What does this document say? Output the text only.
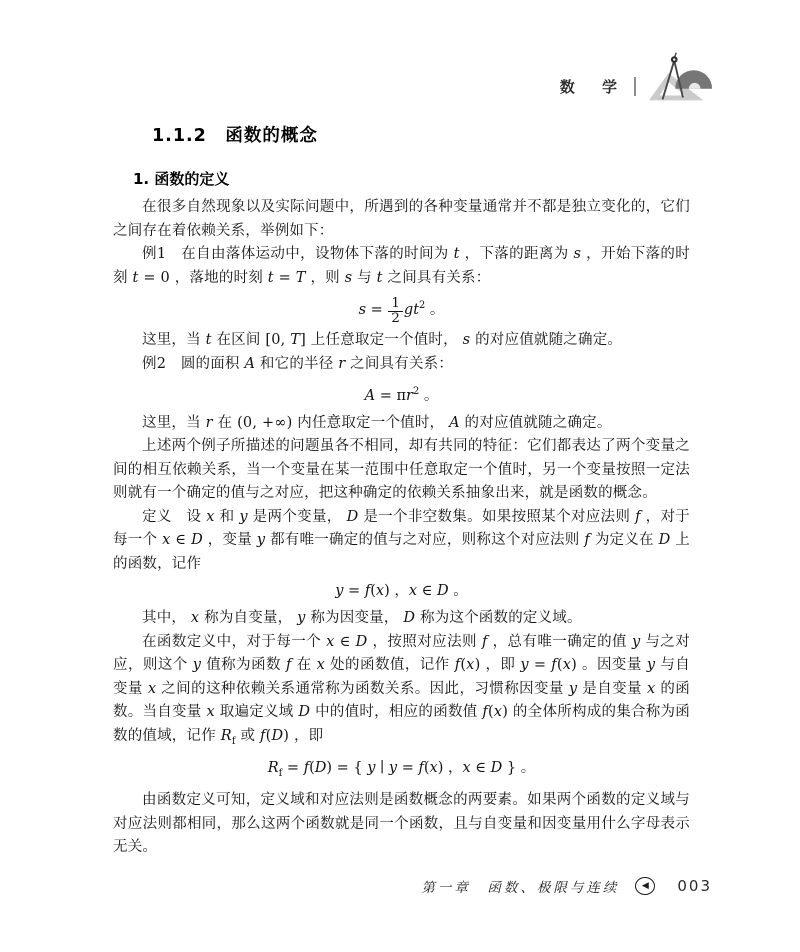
数 学
1.1.2　函数的概念
1. 函数的定义

在很多自然现象以及实际问题中，所遇到的各种变量通常并不都是独立变化的，它们之间存在着依赖关系，举例如下：

例1　在自由落体运动中，设物体下落的时间为 t ，下落的距离为 s ，开始下落的时刻 t = 0 ，落地的时刻 t = T ，则 s 与 t 之间具有关系：

$s = \frac{1}{2} gt^2$ 。

这里，当 t 在区间 [0, T] 上任意取定一个值时， s 的对应值就随之确定。

例2　圆的面积 A 和它的半径 r 之间具有关系：

$A = \pi r^2$ 。

这里，当 r 在 (0, +∞) 内任意取定一个值时， A 的对应值就随之确定。

上述两个例子所描述的问题虽各不相同，却有共同的特征：它们都表达了两个变量之间的相互依赖关系，当一个变量在某一范围中任意取定一个值时，另一个变量按照一定法则就有一个确定的值与之对应，把这种确定的依赖关系抽象出来，就是函数的概念。

定义　设 x 和 y 是两个变量， D 是一个非空数集。如果按照某个对应法则 f ，对于每一个 x ∈ D ，变量 y 都有唯一确定的值与之对应，则称这个对应法则 f 为定义在 D 上的函数，记作

y = f(x) ，x ∈ D 。

其中， x 称为自变量， y 称为因变量， D 称为这个函数的定义域。

在函数定义中，对于每一个 x ∈ D ，按照对应法则 f ，总有唯一确定的值 y 与之对应，则这个 y 值称为函数 f 在 x 处的函数值，记作 f(x) ，即 y = f(x) 。因变量 y 与自变量 x 之间的这种依赖关系通常称为函数关系。因此，习惯称因变量 y 是自变量 x 的函数。当自变量 x 取遍定义域 D 中的值时，相应的函数值 f(x) 的全体所构成的集合称为函数的值域，记作 $R_f$ 或 f(D) ，即

$R_f = f(D)$ = { y ∣ y = f(x) ，x ∈ D } 。

由函数定义可知，定义域和对应法则是函数概念的两要素。如果两个函数的定义域与对应法则都相同，那么这两个函数就是同一个函数，且与自变量和因变量用什么字母表示无关。

第一章　函数、极限与连续	◀	003
